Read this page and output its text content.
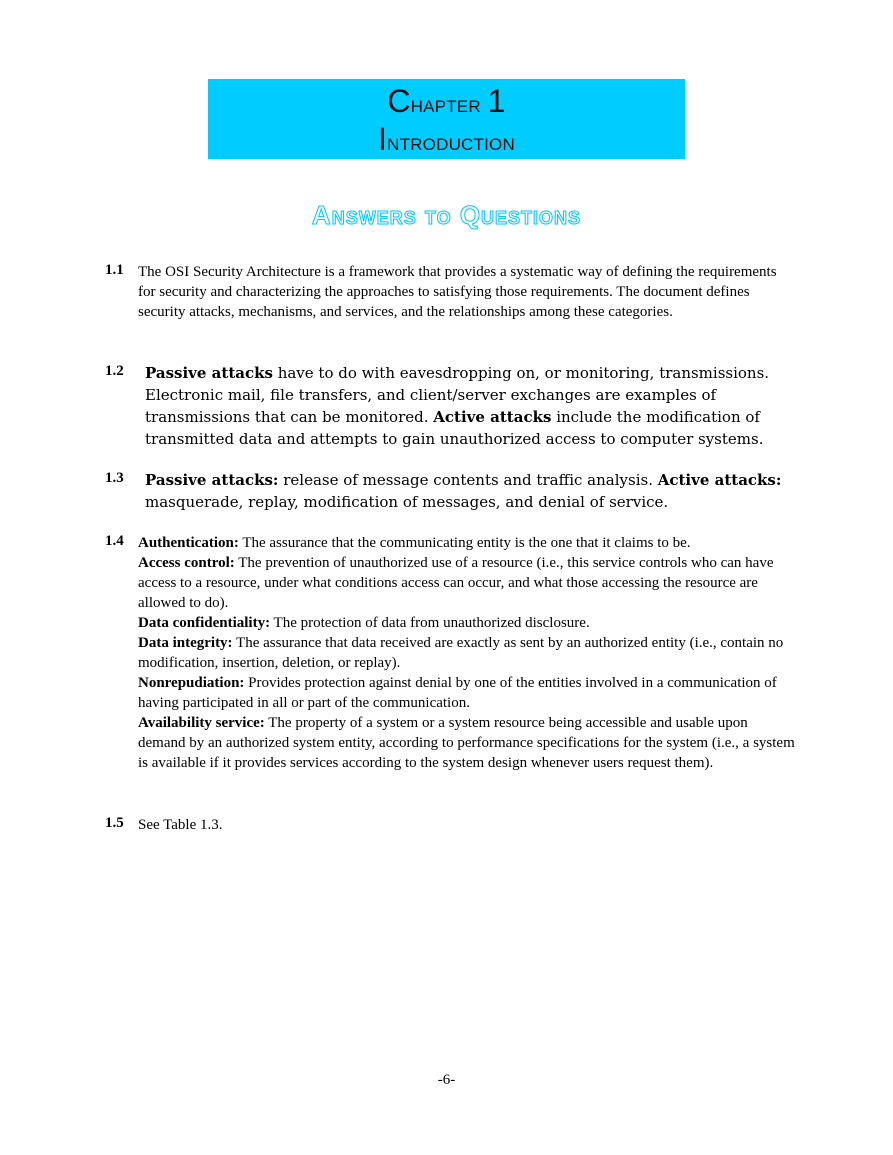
Chapter 1
Introduction
Answers to Questions
1.1 The OSI Security Architecture is a framework that provides a systematic way of defining the requirements for security and characterizing the approaches to satisfying those requirements. The document defines security attacks, mechanisms, and services, and the relationships among these categories.
1.2 Passive attacks have to do with eavesdropping on, or monitoring, transmissions. Electronic mail, file transfers, and client/server exchanges are examples of transmissions that can be monitored. Active attacks include the modification of transmitted data and attempts to gain unauthorized access to computer systems.
1.3 Passive attacks: release of message contents and traffic analysis. Active attacks: masquerade, replay, modification of messages, and denial of service.
1.4 Authentication: The assurance that the communicating entity is the one that it claims to be.

Access control: The prevention of unauthorized use of a resource (i.e., this service controls who can have access to a resource, under what conditions access can occur, and what those accessing the resource are allowed to do).

Data confidentiality: The protection of data from unauthorized disclosure.

Data integrity: The assurance that data received are exactly as sent by an authorized entity (i.e., contain no modification, insertion, deletion, or replay).

Nonrepudiation: Provides protection against denial by one of the entities involved in a communication of having participated in all or part of the communication.

Availability service: The property of a system or a system resource being accessible and usable upon demand by an authorized system entity, according to performance specifications for the system (i.e., a system is available if it provides services according to the system design whenever users request them).

1.5 See Table 1.3.
-6-
